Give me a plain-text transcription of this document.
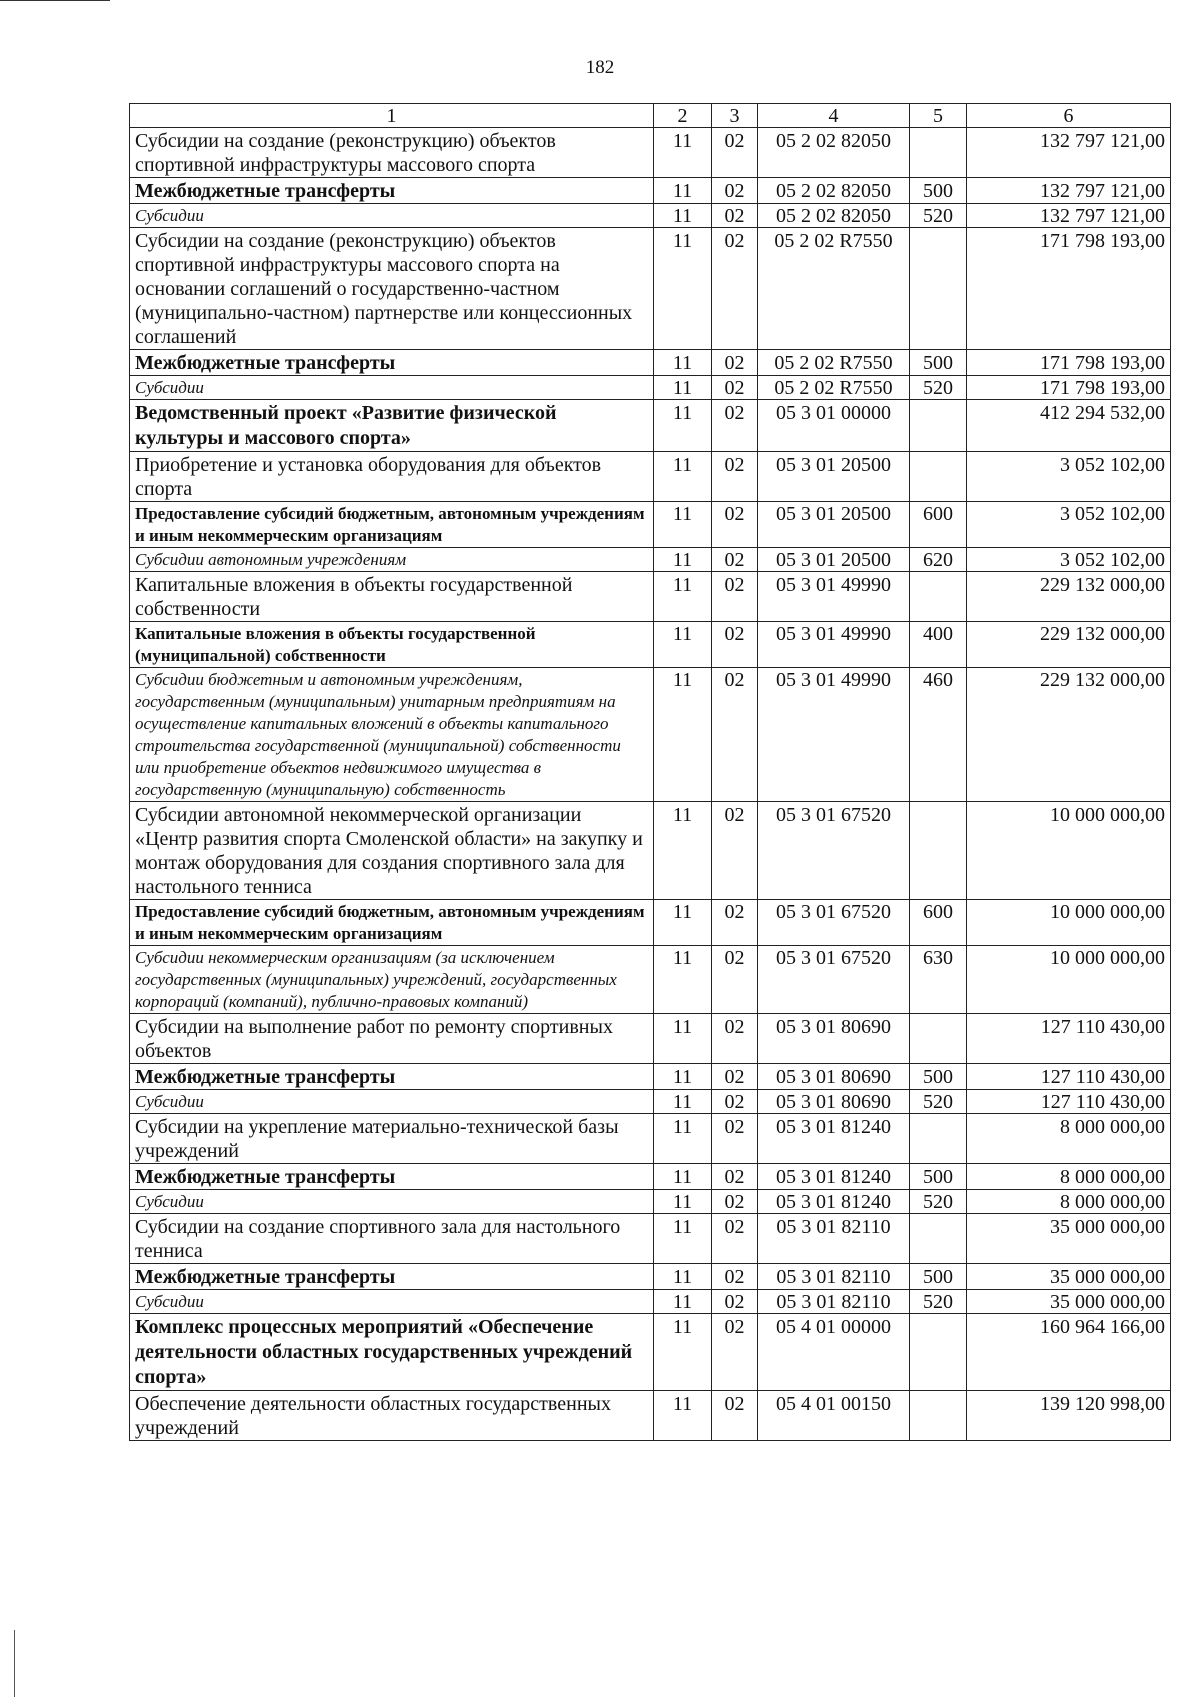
182
1	2	3	4	5	6
Субсидии на создание (реконструкцию) объектов спортивной инфраструктуры массового спорта	11	02	05 2 02 82050		132 797 121,00
Межбюджетные трансферты	11	02	05 2 02 82050	500	132 797 121,00
Субсидии	11	02	05 2 02 82050	520	132 797 121,00
Субсидии на создание (реконструкцию) объектов спортивной инфраструктуры массового спорта на основании соглашений о государственно-частном (муниципально-частном) партнерстве или концессионных соглашений	11	02	05 2 02 R7550		171 798 193,00
Межбюджетные трансферты	11	02	05 2 02 R7550	500	171 798 193,00
Субсидии	11	02	05 2 02 R7550	520	171 798 193,00
Ведомственный проект «Развитие физической культуры и массового спорта»	11	02	05 3 01 00000		412 294 532,00
Приобретение и установка оборудования для объектов спорта	11	02	05 3 01 20500		3 052 102,00
Предоставление субсидий бюджетным, автономным учреждениям и иным некоммерческим организациям	11	02	05 3 01 20500	600	3 052 102,00
Субсидии автономным учреждениям	11	02	05 3 01 20500	620	3 052 102,00
Капитальные вложения в объекты государственной собственности	11	02	05 3 01 49990		229 132 000,00
Капитальные вложения в объекты государственной (муниципальной) собственности	11	02	05 3 01 49990	400	229 132 000,00
Субсидии бюджетным и автономным учреждениям, государственным (муниципальным) унитарным предприятиям на осуществление капитальных вложений в объекты капитального строительства государственной (муниципальной) собственности или приобретение объектов недвижимого имущества в государственную (муниципальную) собственность	11	02	05 3 01 49990	460	229 132 000,00
Субсидии автономной некоммерческой организации «Центр развития спорта Смоленской области» на закупку и монтаж оборудования для создания спортивного зала для настольного тенниса	11	02	05 3 01 67520		10 000 000,00
Предоставление субсидий бюджетным, автономным учреждениям и иным некоммерческим организациям	11	02	05 3 01 67520	600	10 000 000,00
Субсидии некоммерческим организациям (за исключением государственных (муниципальных) учреждений, государственных корпораций (компаний), публично-правовых компаний)	11	02	05 3 01 67520	630	10 000 000,00
Субсидии на выполнение работ по ремонту спортивных объектов	11	02	05 3 01 80690		127 110 430,00
Межбюджетные трансферты	11	02	05 3 01 80690	500	127 110 430,00
Субсидии	11	02	05 3 01 80690	520	127 110 430,00
Субсидии на укрепление материально-технической базы учреждений	11	02	05 3 01 81240		8 000 000,00
Межбюджетные трансферты	11	02	05 3 01 81240	500	8 000 000,00
Субсидии	11	02	05 3 01 81240	520	8 000 000,00
Субсидии на создание спортивного зала для настольного тенниса	11	02	05 3 01 82110		35 000 000,00
Межбюджетные трансферты	11	02	05 3 01 82110	500	35 000 000,00
Субсидии	11	02	05 3 01 82110	520	35 000 000,00
Комплекс процессных мероприятий «Обеспечение деятельности областных государственных учреждений спорта»	11	02	05 4 01 00000		160 964 166,00
Обеспечение деятельности областных государственных учреждений	11	02	05 4 01 00150		139 120 998,00
